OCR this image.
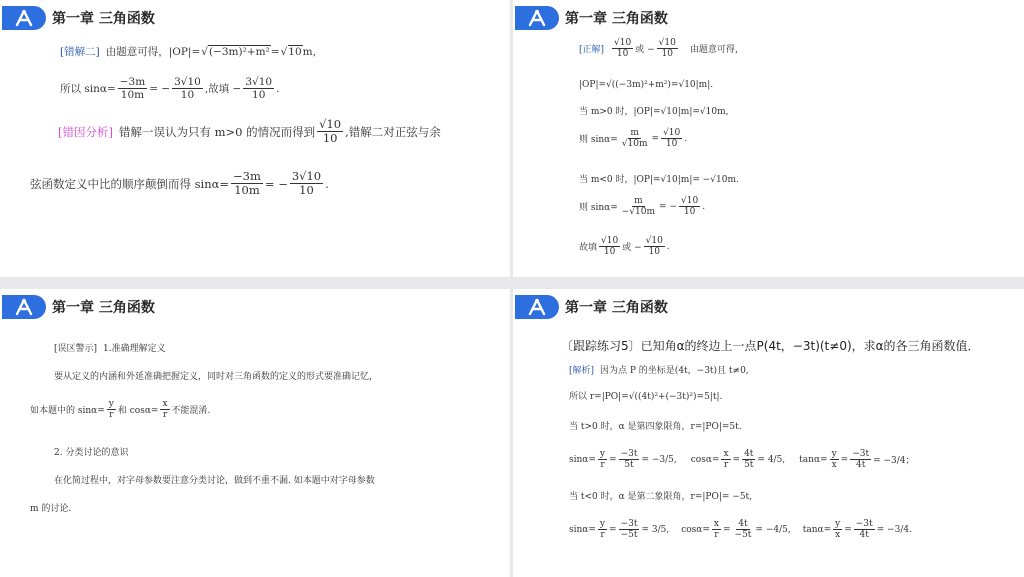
第一章 三角函数
[错解二] 由题意可得，|OP|= √ (−3m)²+m² = √ 10 m,
所以 $\sin\alpha= \frac{-3m}{10m}$ = − $\frac{3√10}{10}$ ,故填 − $\frac{3√10}{10}$ .
[错因分析] 错解一误认为只有 m>0 的情况而得到 $\frac{√10}{10}$ ,错解二对正弦与余
弦函数定义中比的顺序颠倒而得 $\sin\alpha= \frac{-3m}{10m}$ = − $\frac{3√10}{10}$ .
第一章 三角函数
[正解] $\frac{√10}{10}$ 或 − $\frac{√10}{10}$ 由题意可得，
|OP|=√((−3m)²+m²)=√10|m|.
当 m>0 时，|OP|=√10|m|=√10m,
则 $\sin\alpha= \frac{m}{√10m} = \frac{√10}{10}$ .
当 m<0 时，|OP|=√10|m|= −√10m.
则 $\sin\alpha= \frac{m}{-√10m}$ = − $\frac{√10}{10}$ .
故填 $\frac{√10}{10}$ 或 − $\frac{√10}{10}$ .
第一章 三角函数
[误区警示] 1.准确理解定义
要从定义的内涵和外延准确把握定义，同时对三角函数的定义的形式要准确记忆，
如本题中的 $\sin\alpha= \frac{y}{r}$ 和 $\cos\alpha= \frac{x}{r}$ 不能混淆.
2. 分类讨论的意识
在化简过程中，对字母参数要注意分类讨论，做到不重不漏. 如本题中对字母参数
m 的讨论.
第一章 三角函数
〔跟踪练习5〕已知角α的终边上一点P(4t，−3t)(t≠0)，求α的各三角函数值．
[解析] 因为点 P 的坐标是(4t，−3t)且 t≠0,
所以 r=|PO|=√((4t)²+(−3t)²)=5|t|.
当 t>0 时，α 是第四象限角，r=|PO|=5t.
$\sin\alpha= \frac{y}{r} = \frac{-3t}{5t} = -3/5$, $\cos\alpha= \frac{x}{r} = \frac{4t}{5t} = 4/5$, $\tan\alpha= \frac{y}{x} = \frac{-3t}{4t} = -3/4$；
当 t<0 时，α 是第二象限角，r=|PO|= −5t,
$\sin\alpha= \frac{y}{r} = \frac{-3t}{-5t} = 3/5$, $\cos\alpha= \frac{x}{r} = \frac{4t}{-5t} = -4/5$, $\tan\alpha= \frac{y}{x} = \frac{-3t}{4t} = -3/4$.
